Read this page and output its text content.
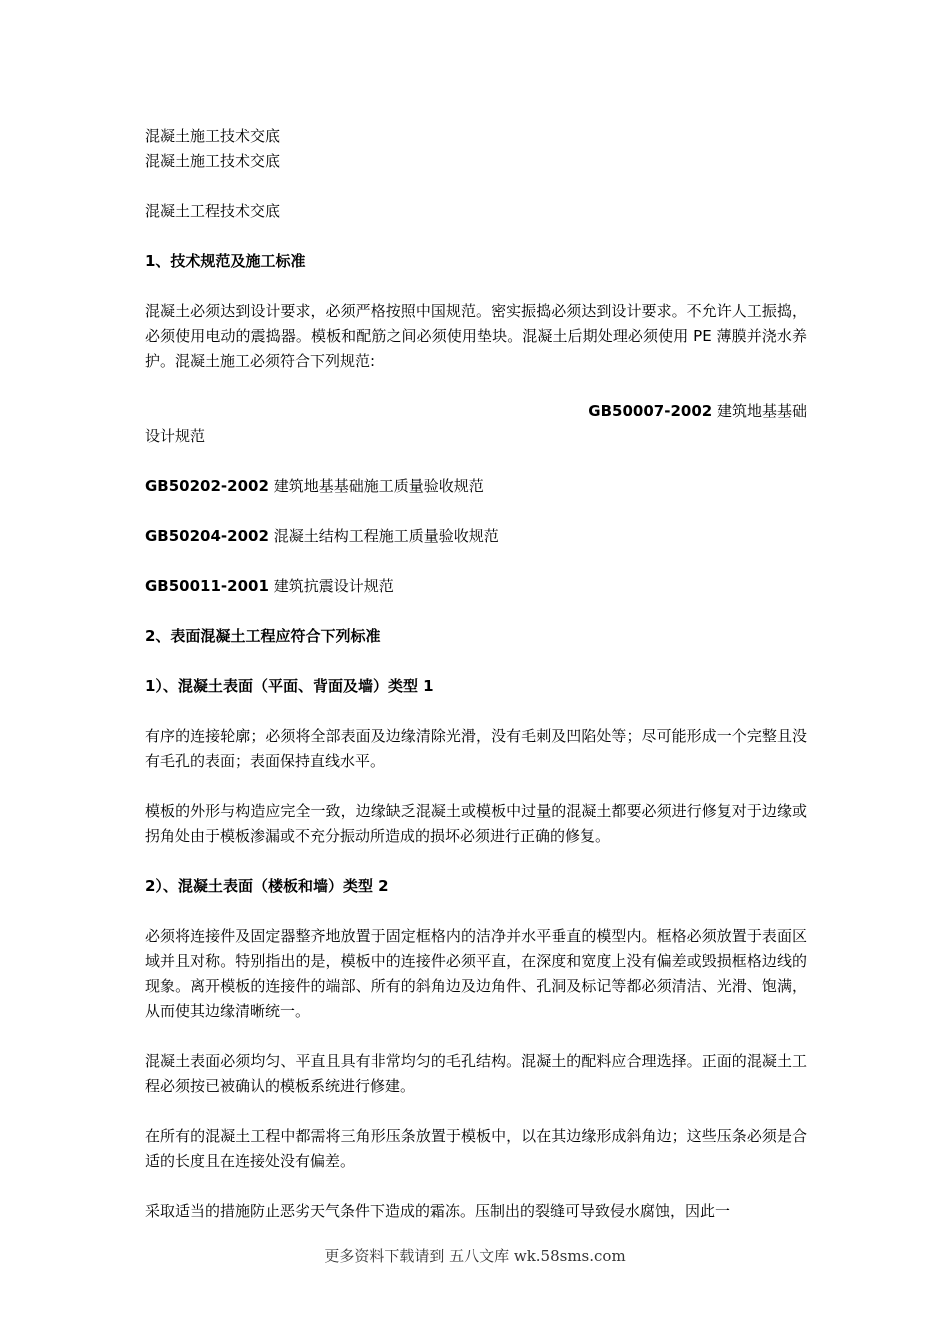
混凝土施工技术交底
混凝土施工技术交底
混凝土工程技术交底
1、技术规范及施工标准
混凝土必须达到设计要求，必须严格按照中国规范。密实振捣必须达到设计要求。不允许人工振捣，必须使用电动的震捣器。模板和配筋之间必须使用垫块。混凝土后期处理必须使用 PE 薄膜并浇水养护。混凝土施工必须符合下列规范:
GB50007-2002 建筑地基基础
设计规范
GB50202-2002 建筑地基基础施工质量验收规范
GB50204-2002 混凝土结构工程施工质量验收规范
GB50011-2001 建筑抗震设计规范
2、表面混凝土工程应符合下列标准
1）、混凝土表面（平面、背面及墙）类型 1
有序的连接轮廓；必须将全部表面及边缘清除光滑，没有毛刺及凹陷处等；尽可能形成一个完整且没有毛孔的表面；表面保持直线水平。
模板的外形与构造应完全一致，边缘缺乏混凝土或模板中过量的混凝土都要必须进行修复对于边缘或拐角处由于模板渗漏或不充分振动所造成的损坏必须进行正确的修复。
2）、混凝土表面（楼板和墙）类型 2
必须将连接件及固定器整齐地放置于固定框格内的洁净并水平垂直的模型内。框格必须放置于表面区域并且对称。特别指出的是，模板中的连接件必须平直，在深度和宽度上没有偏差或毁损框格边线的现象。离开模板的连接件的端部、所有的斜角边及边角件、孔洞及标记等都必须清洁、光滑、饱满，从而使其边缘清晰统一。
混凝土表面必须均匀、平直且具有非常均匀的毛孔结构。混凝土的配料应合理选择。正面的混凝土工程必须按已被确认的模板系统进行修建。
在所有的混凝土工程中都需将三角形压条放置于模板中，以在其边缘形成斜角边；这些压条必须是合适的长度且在连接处没有偏差。
采取适当的措施防止恶劣天气条件下造成的霜冻。压制出的裂缝可导致侵水腐蚀，因此一
更多资料下载请到 五八文库 wk.58sms.com
